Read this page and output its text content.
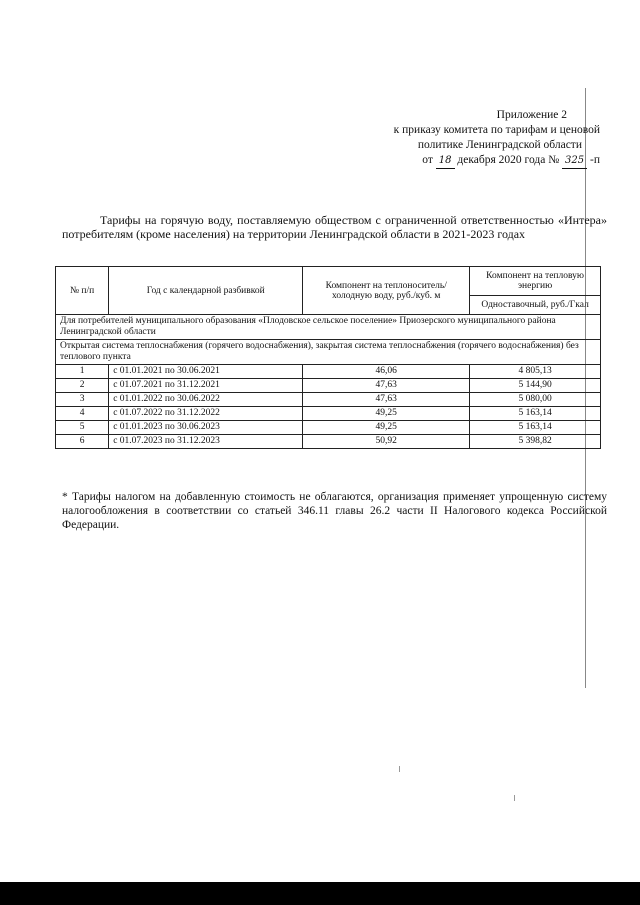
Приложение 2
к приказу комитета по тарифам и ценовой
политике Ленинградской области
от 18 декабря 2020 года № 325 -п

Тарифы на горячую воду, поставляемую обществом с ограниченной ответственностью «Интера» потребителям (кроме населения) на территории Ленинградской области в 2021-2023 годах

№ п/п	Год с календарной разбивкой	Компонент на теплоноситель/ холодную воду, руб./куб. м	Компонент на тепловую энергию
			Одноставочный, руб./Гкал
Для потребителей муниципального образования «Плодовское сельское поселение» Приозерского муниципального района Ленинградской области			
Открытая система теплоснабжения (горячего водоснабжения), закрытая система теплоснабжения (горячего водоснабжения) без теплового пункта			
1	с 01.01.2021 по 30.06.2021	46,06	4 805,13
2	с 01.07.2021 по 31.12.2021	47,63	5 144,90
3	с 01.01.2022 по 30.06.2022	47,63	5 080,00
4	с 01.07.2022 по 31.12.2022	49,25	5 163,14
5	с 01.01.2023 по 30.06.2023	49,25	5 163,14
6	с 01.07.2023 по 31.12.2023	50,92	5 398,82

* Тарифы налогом на добавленную стоимость не облагаются, организация применяет упрощенную систему налогообложения в соответствии со статьей 346.11 главы 26.2 части II Налогового кодекса Российской Федерации.
